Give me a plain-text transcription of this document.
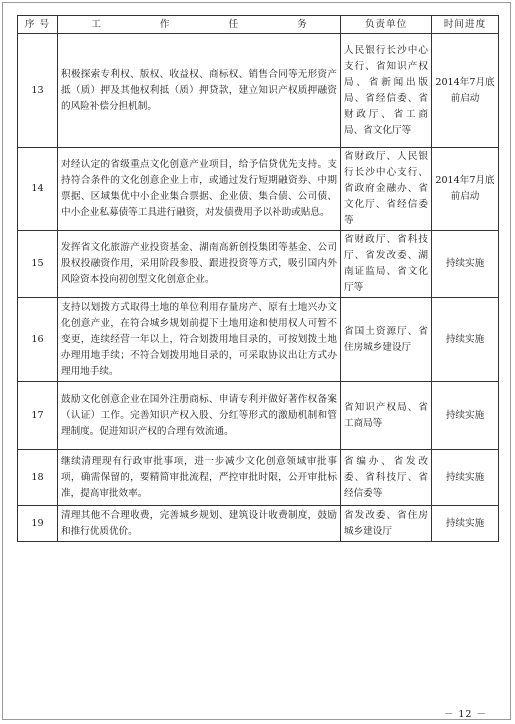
序 号	工 作 任 务	负责单位	时间进度
13	积极探索专利权、版权、收益权、商标权、销售合同等无形资产抵（质）押及其他权利抵（质）押贷款，建立知识产权质押融资的风险补偿分担机制。	人民银行长沙中心支行、省知识产权局、省新闻出版局、省经信委、省财政厅、省工商局、省文化厅等	2014年7月底前启动
14	对经认定的省级重点文化创意产业项目，给予信贷优先支持。支持符合条件的文化创意企业上市，或通过发行短期融资券、中期票据、区域集优中小企业集合票据、企业债、集合债、公司债、中小企业私募债等工具进行融资，对发债费用予以补助或贴息。	省财政厅、人民银行长沙中心支行、省政府金融办、省文化厅、省经信委等	2014年7月底前启动
15	发挥省文化旅游产业投资基金、湖南高新创投集团等基金、公司股权投融资作用，采用阶段参股、跟进投资等方式，吸引国内外风险资本投向初创型文化创意企业。	省财政厅、省科技厅、省发改委、湖南证监局、省文化厅等	持续实施
16	支持以划拨方式取得土地的单位利用存量房产、原有土地兴办文化创意产业，在符合城乡规划前提下土地用途和使用权人可暂不变更，连续经营一年以上，符合划拨用地目录的，可按划拨土地办理用地手续；不符合划拨用地目录的，可采取协议出让方式办理用地手续。	省国土资源厅、省住房城乡建设厅	持续实施
17	鼓励文化创意企业在国外注册商标、申请专利并做好著作权备案（认证）工作。完善知识产权入股、分红等形式的激励机制和管理制度。促进知识产权的合理有效流通。	省知识产权局、省工商局等	持续实施
18	继续清理现有行政审批事项，进一步减少文化创意领域审批事项，确需保留的，要精简审批流程，严控审批时限，公开审批标准，提高审批效率。	省编办、省发改委、省科技厅、省经信委等	持续实施
19	清理其他不合理收费，完善城乡规划、建筑设计收费制度，鼓励和推行优质优价。	省发改委、省住房城乡建设厅	持续实施
－ 12 －
